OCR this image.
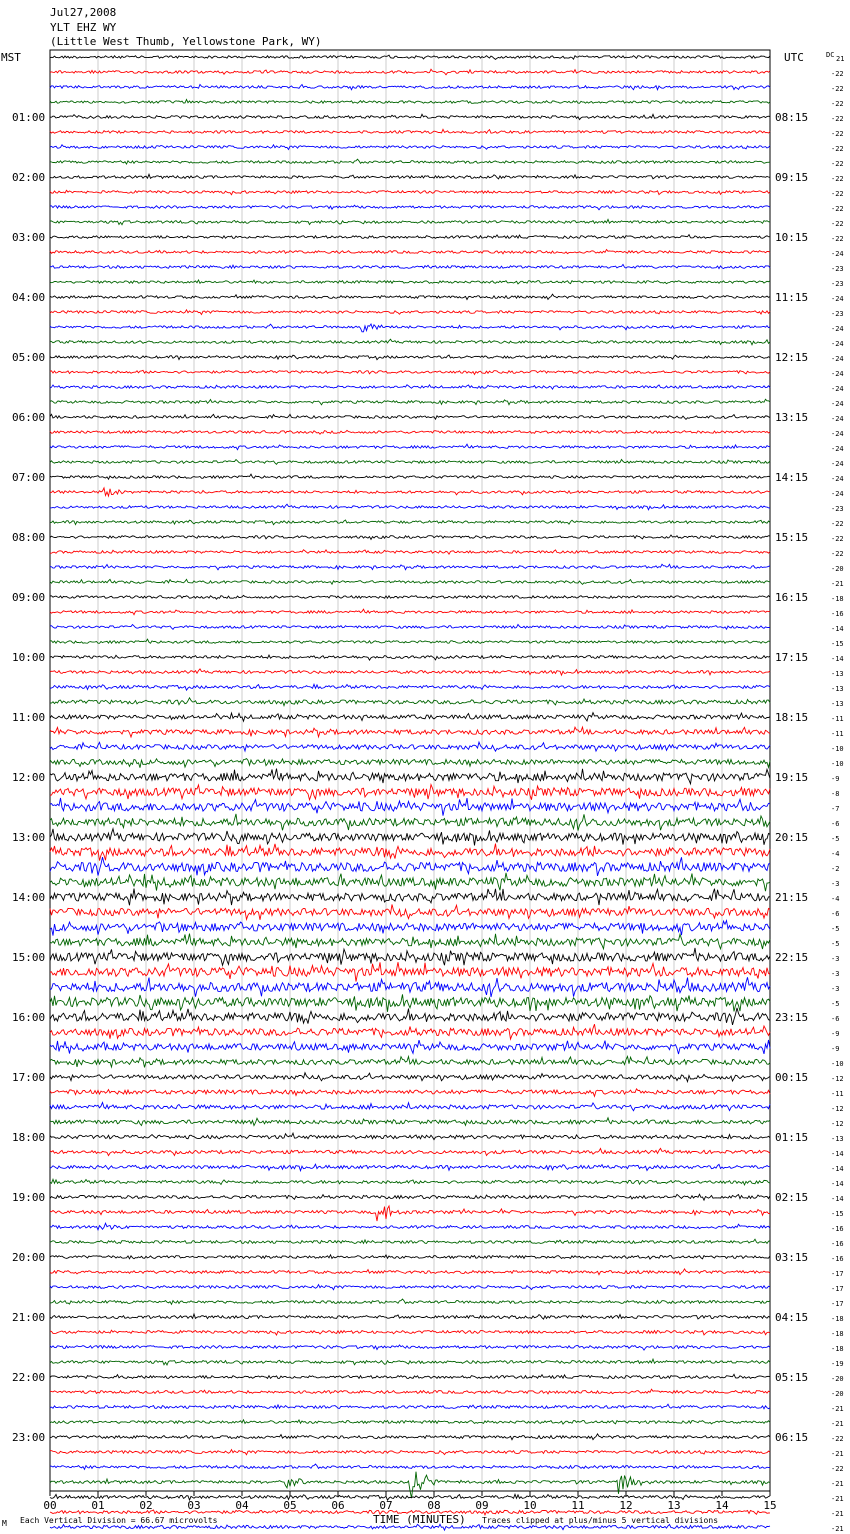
Jul27,2008
YLT EHZ WY
(Little West Thumb, Yellowstone Park, WY)
MST	UTC	DC
01:00
02:00
03:00
04:00
05:00
06:00
07:00
08:00
09:00
10:00
11:00
12:00
13:00
14:00
15:00
16:00
17:00
18:00
19:00
20:00
21:00
22:00
23:00
08:15
09:15
10:15
11:15
12:15
13:15
14:15
15:15
16:15
17:15
18:15
19:15
20:15
21:15
22:15
23:15
00:15
01:15
02:15
03:15
04:15
05:15
06:15
21
-22
-22
-22
-22
-22
-22
-22
-22
-22
-22
-22
-22
-24
-23
-23
-24
-23
-24
-24
-24
-24
-24
-24
-24
-24
-24
-24
-24
-24
-23
-22
-22
-22
-20
-21
-18
-16
-14
-15
-14
-13
-13
-13
-11
-11
-10
-10
-9
-8
-7
-6
-5
-4
-2
-3
-4
-6
-5
-5
-3
-3
-3
-5
-6
-9
-9
-10
-12
-11
-12
-12
-13
-14
-14
-14
-14
-15
-16
-16
-16
-17
-17
-17
-18
-18
-18
-19
-20
-20
-21
-21
-22
-21
-22
-21
-21
-21
-21
00	01	02	03	04	05	06	07	08	09	10	11	12	13	14	15
TIME (MINUTES)
Each Vertical Division = 66.67 microvolts	Traces clipped at plus/minus 5 vertical divisions
M
